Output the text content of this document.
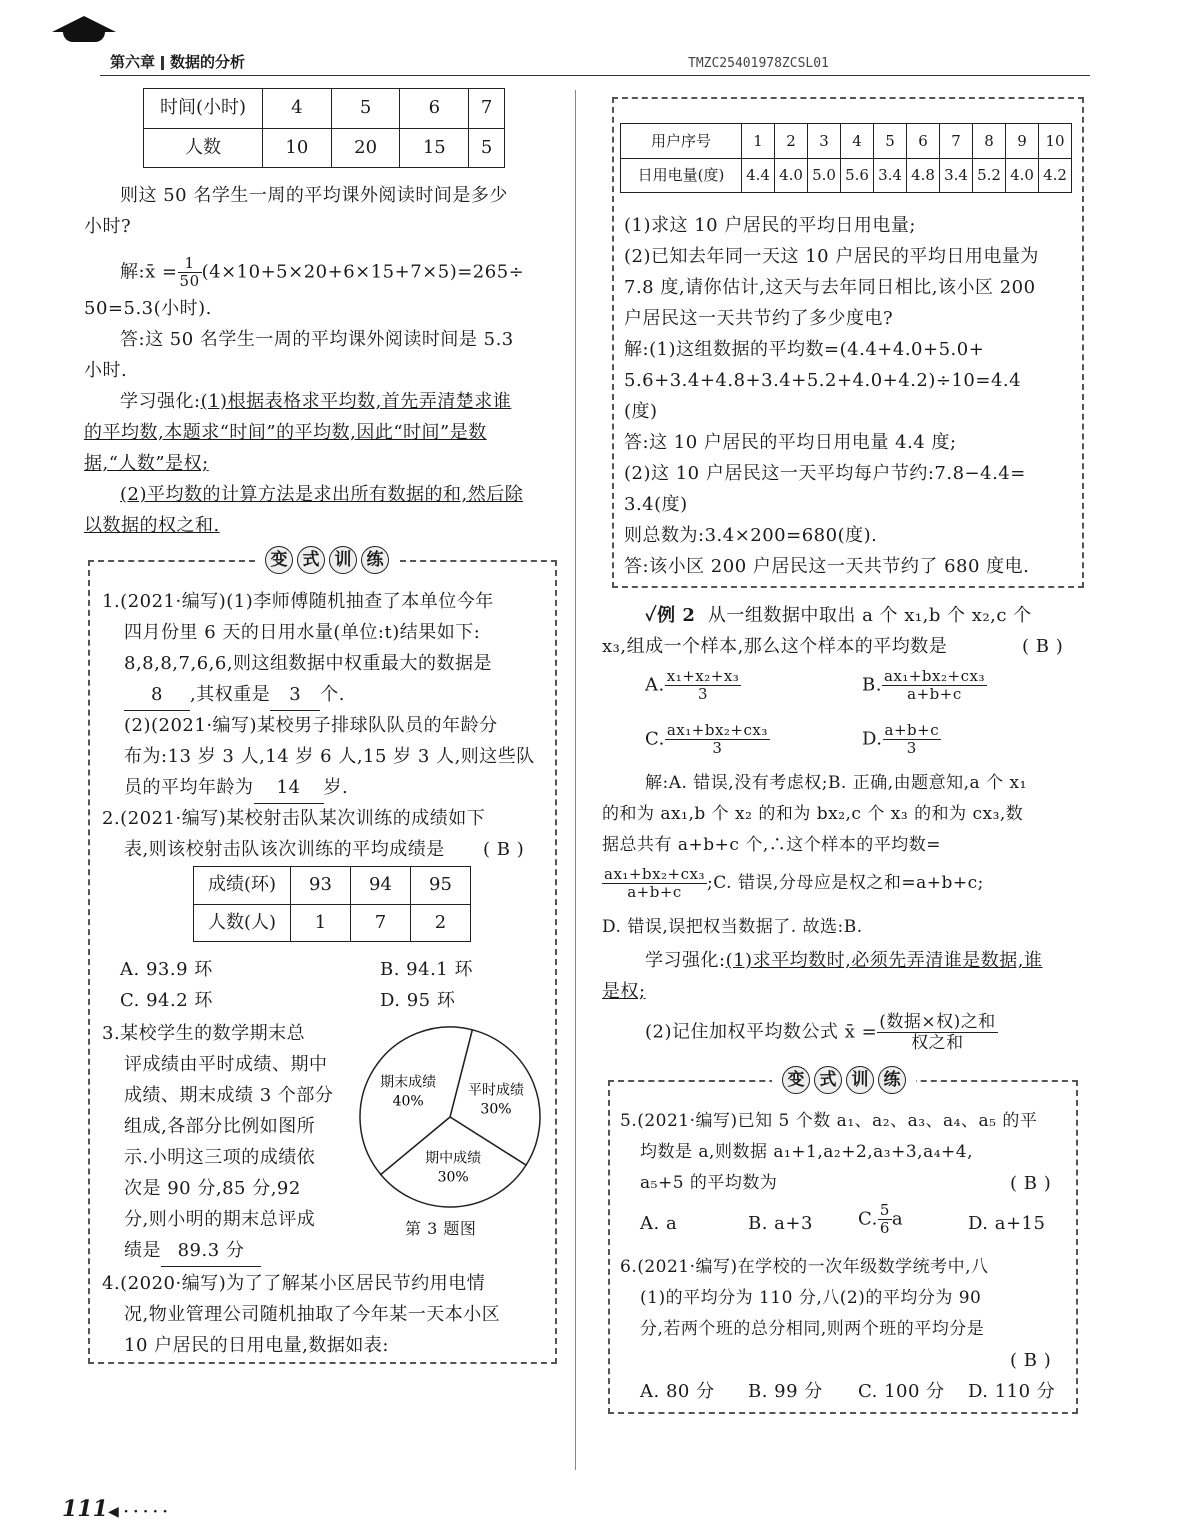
第六章 数据的分析	TMZC25401978ZCSL01
时间(小时)	4	5	6	7
人数	10	20	15	5
则这 50 名学生一周的平均课外阅读时间是多少
小时?
解:x̄ = $\frac{1}{50} (4\times 10+5\times 20+6\times 15+7\times 5)=265\div$
50=5.3(小时).
答:这 50 名学生一周的平均课外阅读时间是 5.3
小时.
学习强化:(1)根据表格求平均数,首先弄清楚求谁
的平均数,本题求“时间”的平均数,因此“时间”是数
据,“人数”是权;
(2)平均数的计算方法是求出所有数据的和,然后除
以数据的权之和.
变 式 训 练
1.(2021·编写)(1)李师傅随机抽查了本单位今年
四月份里 6 天的日用水量(单位:t)结果如下:
8,8,8,7,6,6,则这组数据中权重最大的数据是
8 ,其权重是 3 个.
(2)(2021·编写)某校男子排球队队员的年龄分
布为:13 岁 3 人,14 岁 6 人,15 岁 3 人,则这些队
员的平均年龄为 14 岁.
2.(2021·编写)某校射击队某次训练的成绩如下
表,则该校射击队该次训练的平均成绩是 ( B )
成绩(环)	93	94	95
人数(人)	1	7	2
A. 93.9 环	B. 94.1 环
C. 94.2 环	D. 95 环
3.某校学生的数学期末总
评成绩由平时成绩、期中
成绩、期末成绩 3 个部分
组成,各部分比例如图所
示.小明这三项的成绩依
次是 90 分,85 分,92
分,则小明的期末总评成
绩是 89.3 分
平时成绩
30%
期中成绩
30%
期末成绩
40%
第 3 题图
4.(2020·编写)为了了解某小区居民节约用电情
况,物业管理公司随机抽取了今年某一天本小区
10 户居民的日用电量,数据如表:
用户序号	1	2	3	4	5	6	7	8	9	10
日用电量(度)	4.4	4.0	5.0	5.6	3.4	4.8	3.4	5.2	4.0	4.2
(1)求这 10 户居民的平均日用电量;
(2)已知去年同一天这 10 户居民的平均日用电量为
7.8 度,请你估计,这天与去年同日相比,该小区 200
户居民这一天共节约了多少度电?
解:(1)这组数据的平均数=(4.4+4.0+5.0+
5.6+3.4+4.8+3.4+5.2+4.0+4.2)÷10=4.4
(度)
答:这 10 户居民的平均日用电量 4.4 度;
(2)这 10 户居民这一天平均每户节约:7.8−4.4=
3.4(度)
则总数为:3.4×200=680(度).
答:该小区 200 户居民这一天共节约了 680 度电.
✓例 2 从一组数据中取出 a 个 x₁,b 个 x₂,c 个
x₃,组成一个样本,那么这个样本的平均数是	( B )
A. $\frac{\text{x₁+x₂+x₃}}{3}$	B. $\frac{\text{ax₁+bx₂+cx₃}}{a+b+c}$
C. $\frac{\text{ax₁+bx₂+cx₃}}{3}$	D. $\frac{a+b+c}{3}$
解:A. 错误,没有考虑权;B. 正确,由题意知,a 个 x₁
的和为 ax₁,b 个 x₂ 的和为 bx₂,c 个 x₃ 的和为 cx₃,数
据总共有 a+b+c 个,∴这个样本的平均数=
$\frac{\text{ax₁+bx₂+cx₃}}{a+b+c}$ ;C. 错误,分母应是权之和=a+b+c;
D. 错误,误把权当数据了. 故选:B.
学习强化:(1)求平均数时,必须先弄清谁是数据,谁
是权;
(2)记住加权平均数公式 x̄ = $\frac{\text{(数据×权)之和}}{\text{权之和}}$
变 式 训 练
5.(2021·编写)已知 5 个数 a₁、a₂、a₃、a₄、a₅ 的平
均数是 a,则数据 a₁+1,a₂+2,a₃+3,a₄+4,
a₅+5 的平均数为	( B )
A. a	B. a+3	C. $\frac{5}{6}$ a	D. a+15
6.(2021·编写)在学校的一次年级数学统考中,八
(1)的平均分为 110 分,八(2)的平均分为 90
分,若两个班的总分相同,则两个班的平均分是
( B )
A. 80 分 B. 99 分 C. 100 分 D. 110 分
111◀ · · · · ·
